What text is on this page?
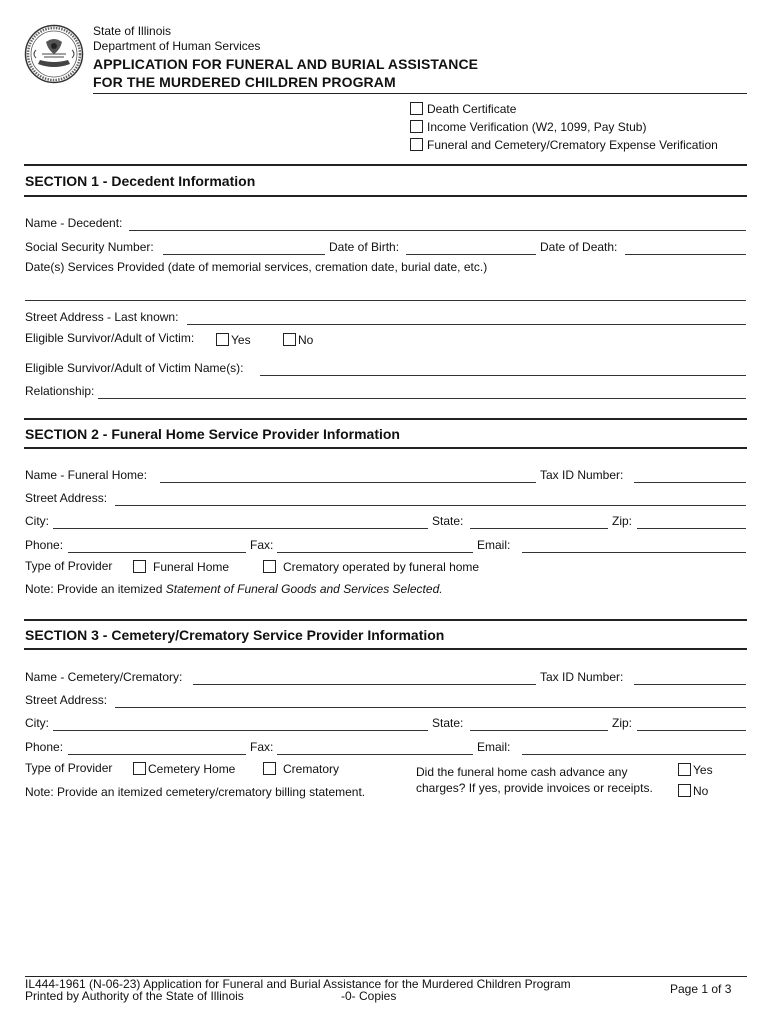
State of Illinois
Department of Human Services
APPLICATION FOR FUNERAL AND BURIAL ASSISTANCE
FOR THE MURDERED CHILDREN PROGRAM
Death Certificate
Income Verification (W2, 1099, Pay Stub)
Funeral and Cemetery/Crematory Expense Verification
SECTION 1 - Decedent Information
Name - Decedent:
Social Security Number:	Date of Birth:	Date of Death:
Date(s) Services Provided (date of memorial services, cremation date, burial date, etc.)
Street Address - Last known:
Eligible Survivor/Adult of Victim:	Yes	No
Eligible Survivor/Adult of Victim Name(s):
Relationship:
SECTION 2 - Funeral Home Service Provider Information
Name - Funeral Home:	Tax ID Number:
Street Address:
City:	State:	Zip:
Phone:	Fax:	Email:
Type of Provider	Funeral Home	Crematory operated by funeral home
Note: Provide an itemized Statement of Funeral Goods and Services Selected.
SECTION 3 - Cemetery/Crematory Service Provider Information
Name - Cemetery/Crematory:	Tax ID Number:
Street Address:
City:	State:	Zip:
Phone:	Fax:	Email:
Type of Provider	Cemetery Home	Crematory
Note: Provide an itemized cemetery/crematory billing statement.
Did the funeral home cash advance any
charges? If yes, provide invoices or receipts.
Yes
No
IL444-1961 (N-06-23) Application for Funeral and Burial Assistance for the Murdered Children Program
Printed by Authority of the State of Illinois	-0- Copies	Page 1 of 3
